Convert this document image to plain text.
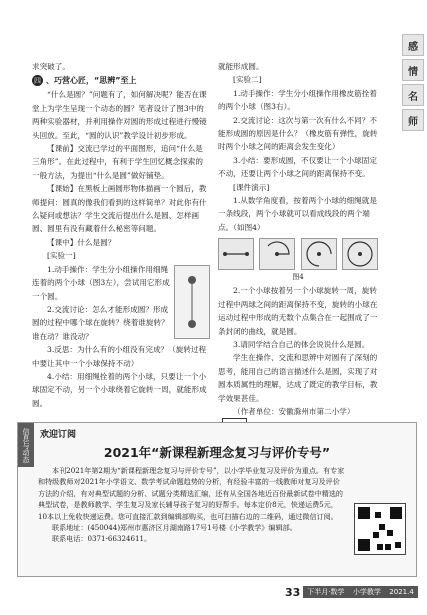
感
情
名
师

求突破了。

四 、巧营心匠，“思辨”至上

“什么是圆？”问题有了，如何解决呢？能否在课堂上为学生呈现一个动态的圆？笔者设计了图3中的两种实验器材，并利用操作对圆的形成过程进行慢镜头回放。至此，“圆的认识”教学设计初步形成。

【课前】交流已学过的平面图形，追问“什么是三角形”。在此过程中，有利于学生回忆概念探索的一般方法，为提出“什么是圆”做好铺垫。

【课始】在黑板上画圆形物体描画一个圆后，教师提问：圆真的像我们看到的这样简单？对此你有什么疑问或想法？学生交流后提出什么是圆、怎样画圆、圆里有没有藏着什么秘密等问题。

【课中】什么是圆？

[实验一]

1.动手操作：学生分小组操作用细绳连着的两个小球（图3左），尝试用它形成一个圆。

2.交流讨论：怎么才能形成圆？形成圆的过程中哪个球在旋转？绕着谁旋转？谁在动？谁没动？

3.反思：为什么有的小组没有完成？（旋转过程中要让其中一个小球保持不动）

4.小结：用细绳拴着的两个小球，只要让一个小球固定不动，另一个小球绕着它旋转一周，就能形成圆。

就能形成圆。

[实验二]

1.动手操作：学生分小组操作用橡皮筋拴着的两个小球（图3右）。

2.交流讨论：这次与第一次有什么不同？不能形成圆的原因是什么？（橡皮筋有弹性，旋转时两个小球之间的距离会发生变化）

3.小结：要形成圆，不仅要让一个小球固定不动，还要让两个小球之间的距离保持不变。

[课件演示]

1.从数学角度看，按着两个小球的细绳就是一条线段，两个小球就可以看成线段的两个端点。（如图4）

图4

2.一个小球按着另一个小球旋转一周，旋转过程中两球之间的距离保持不变，旋转的小球在运动过程中形成的无数个点集合在一起围成了一条封闭的曲线，就是圆。

3.请同学结合自己的体会说说什么是圆。

学生在操作、交流和思辨中对圆有了深刻的思考，能用自己的语言描述什么是圆，实现了对圆本质属性的理解，达成了既定的教学目标，教学效果甚佳。

（作者单位：安徽滁州市第二小学）

信息与动态	欢迎订阅
2021年“新课程新理念复习与评价专号”
本刊2021年第2期为“新课程新理念复习与评价专号”，以小学毕业复习及评价为重点。有专家和特级教师对2021年小学语文、数学考试命题趋势的分析，有经验丰富的一线教师对复习及评价方法的介绍，有对典型试题的分析、试题分类精选汇编，还有从全国各地近百份最新试卷中精选的典型试卷，是教师教学、学生复习及家长辅导孩子复习的好帮手。每本定价8元，快递运费5元，10本以上免收快递运费。您可直接汇款到编辑部购买，也可扫描右边的二维码，通过微信订阅。
联系地址：(450044)郑州市惠济区月湖南路17号1号楼《小学教学》编辑部。
联系电话：0371-66324611。
33 下半月·数学 小学教学 2021.4
